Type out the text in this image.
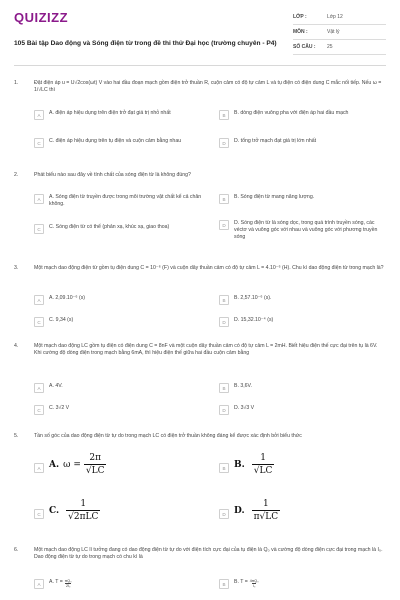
QUIZIZZ
105 Bài tập Dao động và Sóng điện từ trong đề thi thử Đại học (trường chuyên - P4)
LỚP :	Lớp 12
MÔN :	Vật lý
SỐ CÂU :	25
1.	Đặt điện áp u = U√2cos(ωt) V vào hai đầu đoạn mạch gồm điện trở thuần R, cuộn cảm có độ tự cảm L và tụ điện có điện dung C mắc nối tiếp. Nếu ω = 1/√LC thì
A	A. điện áp hiệu dụng trên điện trở đạt giá trị nhỏ nhất	B	B. dòng điện vuông pha với điện áp hai đầu mạch
C	C. điện áp hiệu dụng trên tụ điện và cuộn cảm bằng nhau	D	D. tổng trở mạch đạt giá trị lớn nhất
2.	Phát biểu nào sau đây về tính chất của sóng điện từ là không đúng?
A	A. Sóng điện từ truyền được trong môi trường vật chất kể cả chân không.
B	B. Sóng điện từ mang năng lượng.
C	C. Sóng điện từ có thể (phản xạ, khúc xạ, giao thoa)	D	D. Sóng điện từ là sóng dọc, trong quá trình truyền sóng, các véctơ và vuông góc với nhau và vuông góc với phương truyền sóng
3.	Một mạch dao động điện từ gồm tụ điện dung C = 10⁻⁶ (F) và cuộn dây thuần cảm có độ tự cảm L = 4.10⁻⁶ (H). Chu kì dao động điện từ trong mạch là?
A	A. 2,09.10⁻⁶ (s)	B	B. 2,57.10⁻⁶ (s).
C	C. 9,34 (s)	D	D. 15,32.10⁻⁴ (s)
4.	Một mạch dao động LC gồm tụ điện có điện dung C = 8nF và một cuộn dây thuần cảm có độ tự cảm L = 2mH. Biết hiệu điện thế cực đại trên tụ là 6V. Khi cường độ dòng điện trong mạch bằng 6mA, thì hiệu điện thế giữa hai đầu cuộn cảm bằng
A	A. 4V.	B	B. 3,6V.
C	C. 3√2 V	D	D. 3√3 V
5.	Tần số góc của dao động điện từ tự do trong mạch LC có điện trở thuần không đáng kể được xác định bởi biểu thức
A A. $\omega = \frac{2\pi}{√LC}$	B B. $\frac{1}{√LC}$
C C. $\frac{1}{\text{√2πLC}}$	D D. $\frac{1}{\pi√LC}$
6.	Một mạch dao động LC lí tưởng đang có dao động điện từ tự do với điện tích cực đại của tụ điện là Q₀ và cường độ dòng điện cực đại trong mạch là I₀. Dao động điện từ tự do trong mạch có chu kì là
A	A. $T = \frac{\text{πQ₀}}{\text{2I₀}}$	B	B. $T = \frac{\text{4πQ₀}}{\text{I₀}}$
